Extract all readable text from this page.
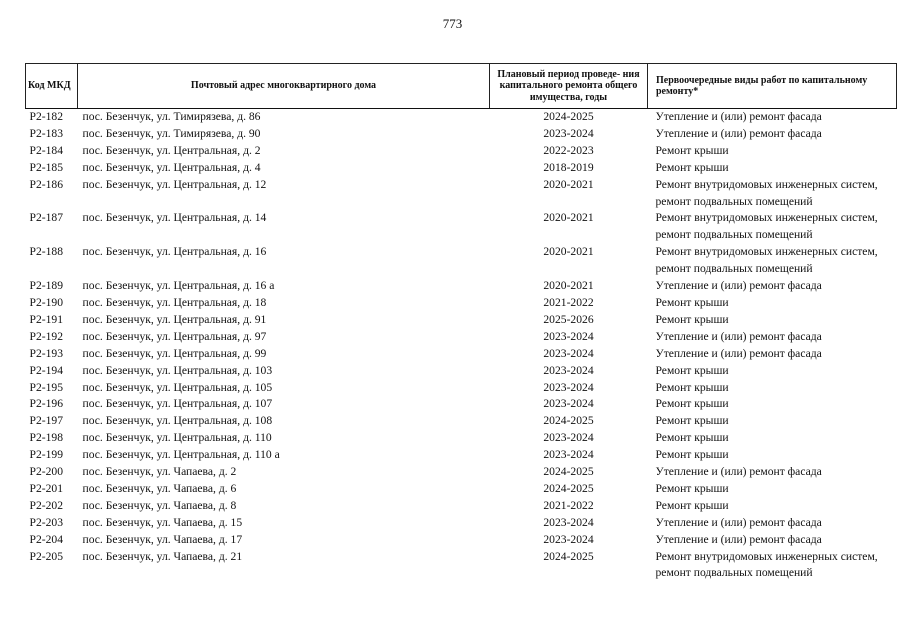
773
Код МКД	Почтовый адрес многоквартирного дома	Плановый период проведе- ния капитального ремонта общего имущества, годы	Первоочередные виды работ по капитальному ремонту*
Р2-182	пос. Безенчук, ул. Тимирязева, д. 86	2024-2025	Утепление и (или) ремонт фасада

Р2-183	пос. Безенчук, ул. Тимирязева, д. 90	2023-2024	Утепление и (или) ремонт фасада

Р2-184	пос. Безенчук, ул. Центральная, д. 2	2022-2023	Ремонт крыши

Р2-185	пос. Безенчук, ул. Центральная, д. 4	2018-2019	Ремонт крыши

Р2-186	пос. Безенчук, ул. Центральная, д. 12	2020-2021	Ремонт внутридомовых инженерных систем,
ремонт подвальных помещений

Р2-187	пос. Безенчук, ул. Центральная, д. 14	2020-2021	Ремонт внутридомовых инженерных систем,
ремонт подвальных помещений

Р2-188	пос. Безенчук, ул. Центральная, д. 16	2020-2021	Ремонт внутридомовых инженерных систем,
ремонт подвальных помещений

Р2-189	пос. Безенчук, ул. Центральная, д. 16 а	2020-2021	Утепление и (или) ремонт фасада

Р2-190	пос. Безенчук, ул. Центральная, д. 18	2021-2022	Ремонт крыши

Р2-191	пос. Безенчук, ул. Центральная, д. 91	2025-2026	Ремонт крыши

Р2-192	пос. Безенчук, ул. Центральная, д. 97	2023-2024	Утепление и (или) ремонт фасада

Р2-193	пос. Безенчук, ул. Центральная, д. 99	2023-2024	Утепление и (или) ремонт фасада

Р2-194	пос. Безенчук, ул. Центральная, д. 103	2023-2024	Ремонт крыши

Р2-195	пос. Безенчук, ул. Центральная, д. 105	2023-2024	Ремонт крыши

Р2-196	пос. Безенчук, ул. Центральная, д. 107	2023-2024	Ремонт крыши

Р2-197	пос. Безенчук, ул. Центральная, д. 108	2024-2025	Ремонт крыши

Р2-198	пос. Безенчук, ул. Центральная, д. 110	2023-2024	Ремонт крыши

Р2-199	пос. Безенчук, ул. Центральная, д. 110 а	2023-2024	Ремонт крыши

Р2-200	пос. Безенчук, ул. Чапаева, д. 2	2024-2025	Утепление и (или) ремонт фасада

Р2-201	пос. Безенчук, ул. Чапаева, д. 6	2024-2025	Ремонт крыши

Р2-202	пос. Безенчук, ул. Чапаева, д. 8	2021-2022	Ремонт крыши

Р2-203	пос. Безенчук, ул. Чапаева, д. 15	2023-2024	Утепление и (или) ремонт фасада

Р2-204	пос. Безенчук, ул. Чапаева, д. 17	2023-2024	Утепление и (или) ремонт фасада

Р2-205	пос. Безенчук, ул. Чапаева, д. 21	2024-2025	Ремонт внутридомовых инженерных систем,
ремонт подвальных помещений
